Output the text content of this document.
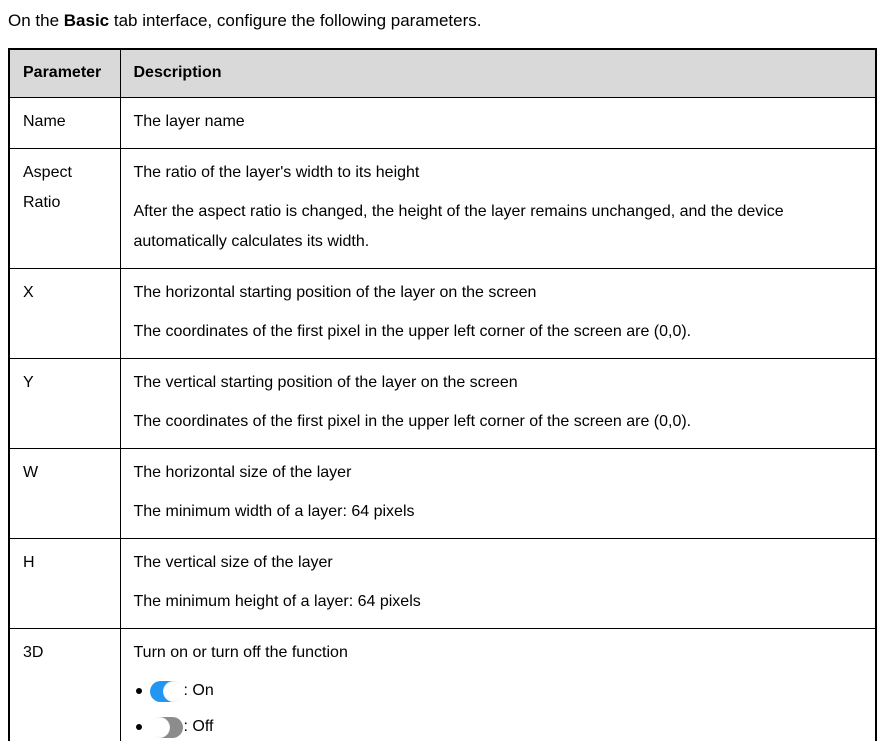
On the Basic tab interface, configure the following parameters.

Parameter	Description
Name	The layer name

Aspect Ratio	The ratio of the layer's width to its height

After the aspect ratio is changed, the height of the layer remains unchanged, and the device automatically calculates its width.

X	The horizontal starting position of the layer on the screen

The coordinates of the first pixel in the upper left corner of the screen are (0,0).

Y	The vertical starting position of the layer on the screen

The coordinates of the first pixel in the upper left corner of the screen are (0,0).

W	The horizontal size of the layer

The minimum width of a layer: 64 pixels

H	The vertical size of the layer

The minimum height of a layer: 64 pixels

3D	Turn on or turn off the function

: On
: Off
